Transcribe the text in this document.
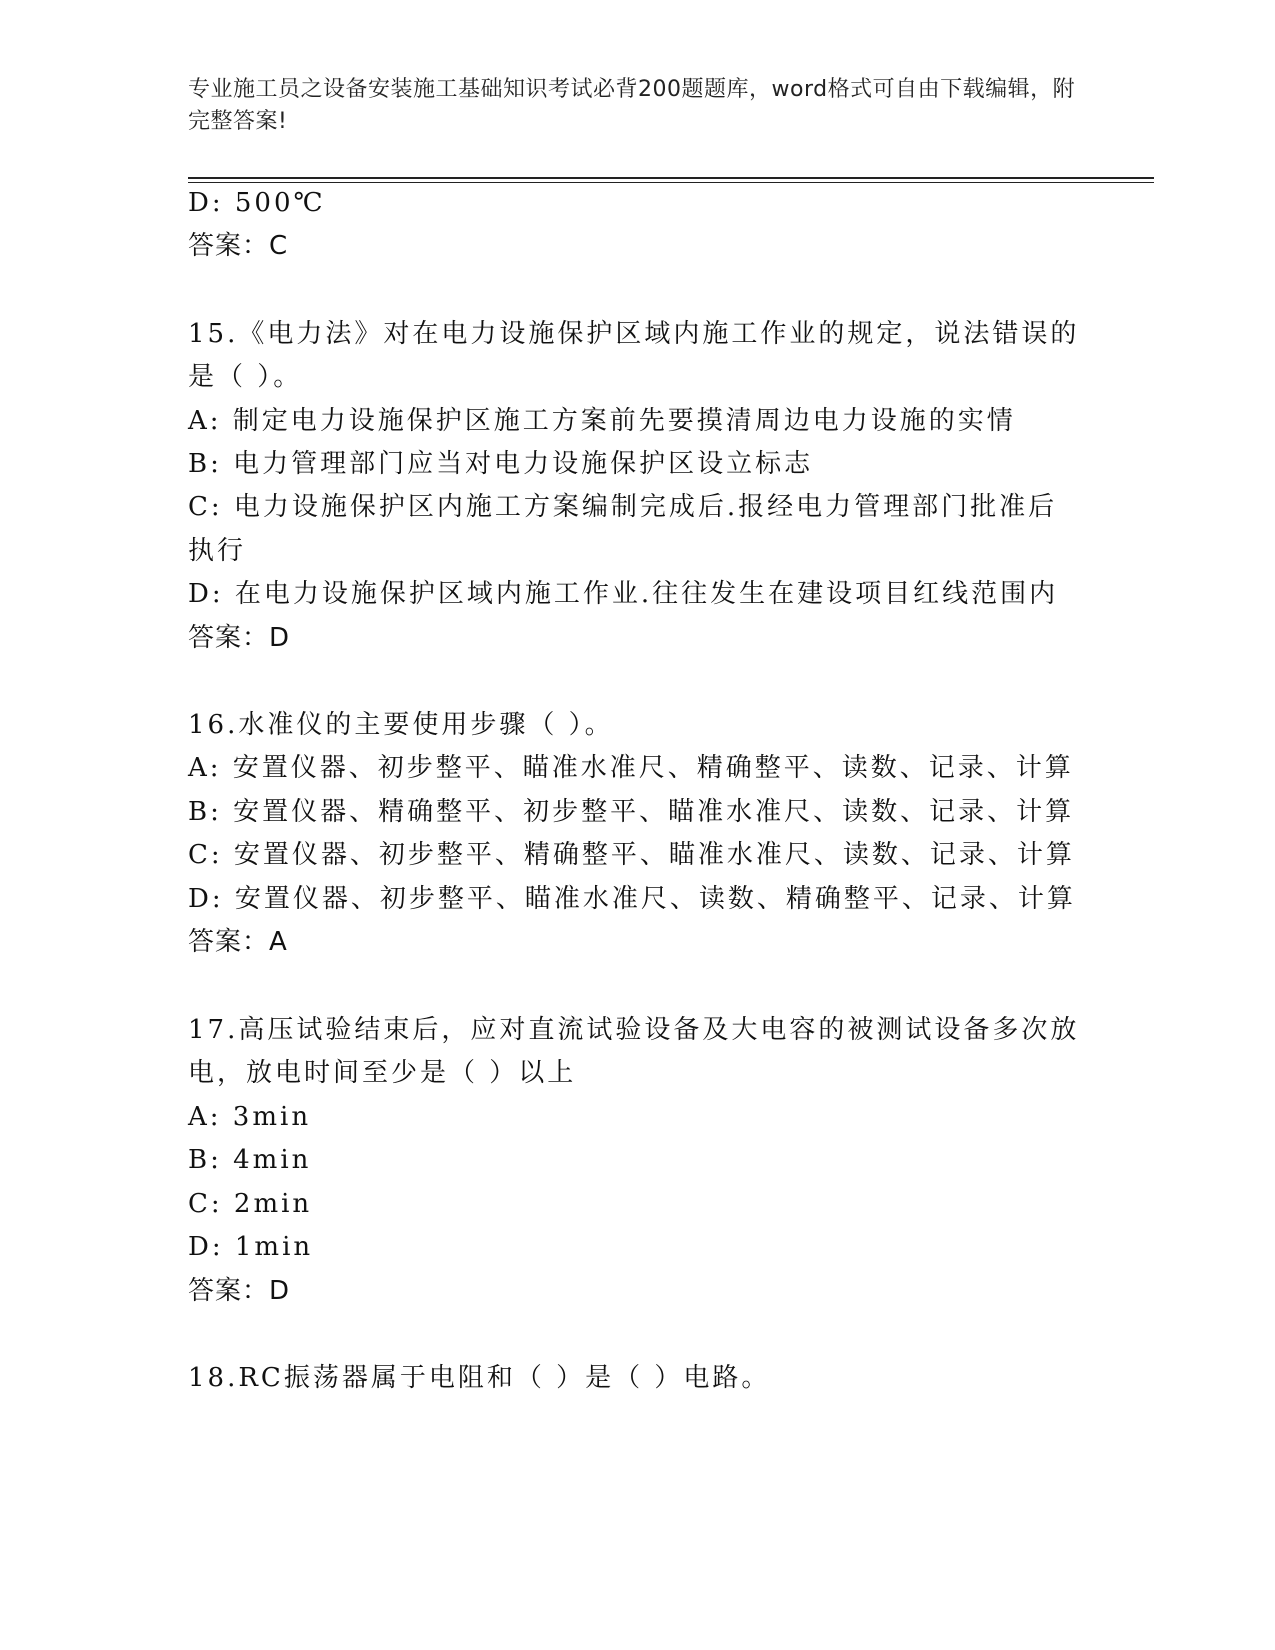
专业施工员之设备安装施工基础知识考试必背200题题库，word格式可自由下载编辑，附完整答案!
D: 500℃
答案：C
15.《电力法》对在电力设施保护区域内施工作业的规定，说法错误的
是（ ）。
A: 制定电力设施保护区施工方案前先要摸清周边电力设施的实情
B: 电力管理部门应当对电力设施保护区设立标志
C: 电力设施保护区内施工方案编制完成后.报经电力管理部门批准后
执行
D: 在电力设施保护区域内施工作业.往往发生在建设项目红线范围内
答案：D
16.水准仪的主要使用步骤（ ）。
A: 安置仪器、初步整平、瞄准水准尺、精确整平、读数、记录、计算
B: 安置仪器、精确整平、初步整平、瞄准水准尺、读数、记录、计算
C: 安置仪器、初步整平、精确整平、瞄准水准尺、读数、记录、计算
D: 安置仪器、初步整平、瞄准水准尺、读数、精确整平、记录、计算
答案：A
17.高压试验结束后，应对直流试验设备及大电容的被测试设备多次放
电，放电时间至少是（ ）以上
A: 3min
B: 4min
C: 2min
D: 1min
答案：D
18.RC振荡器属于电阻和（ ）是（ ）电路。
